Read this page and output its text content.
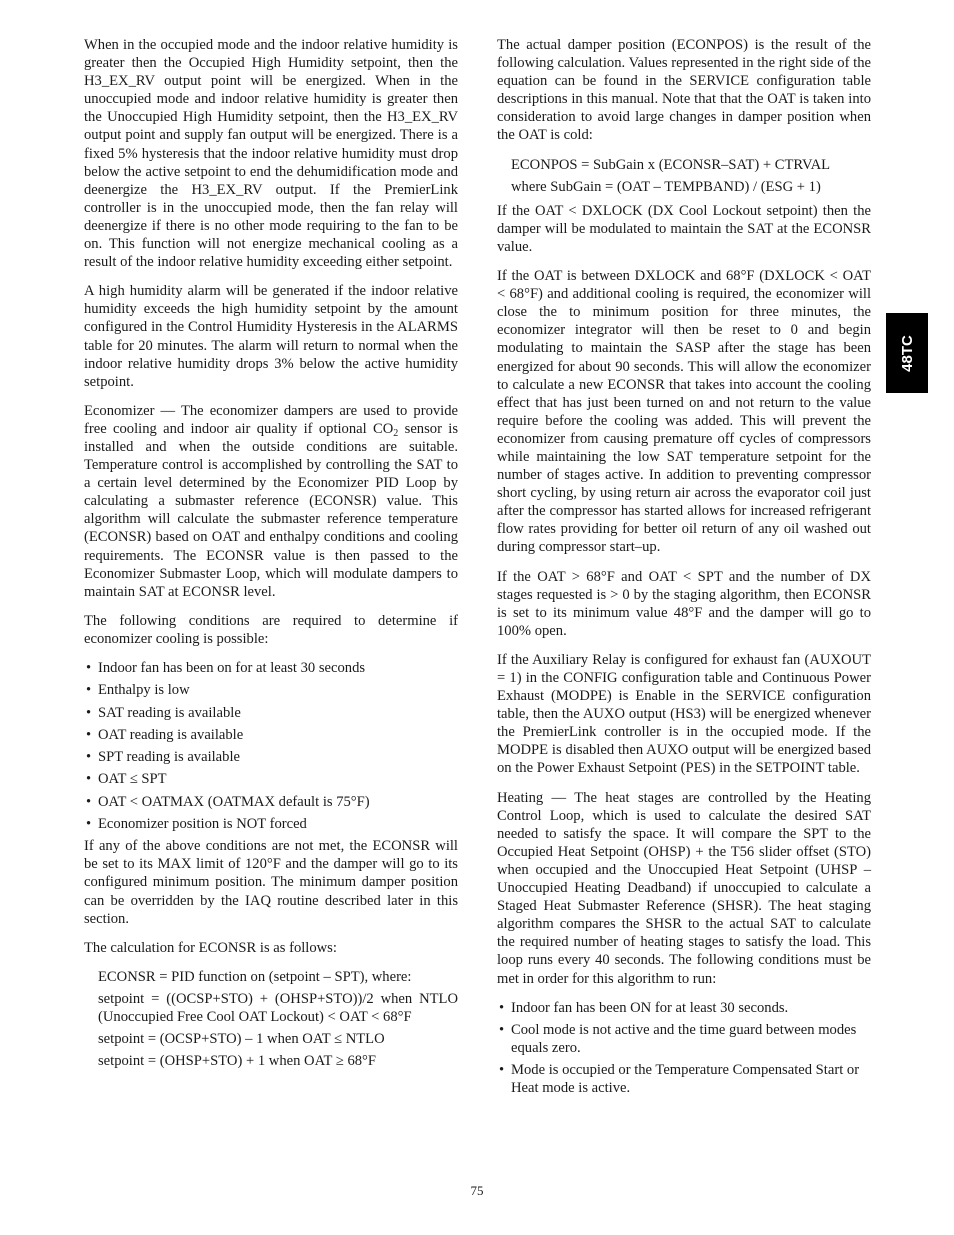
When in the occupied mode and the indoor relative humidity is greater then the Occupied High Humidity setpoint, then the H3_EX_RV output point will be energized. When in the unoccupied mode and indoor relative humidity is greater then the Unoccupied High Humidity setpoint, then the H3_EX_RV output point and supply fan output will be energized. There is a fixed 5% hysteresis that the indoor relative humidity must drop below the active setpoint to end the dehumidification mode and deenergize the H3_EX_RV output. If the PremierLink controller is in the unoccupied mode, then the fan relay will deenergize if there is no other mode requiring to the fan to be on. This function will not energize mechanical cooling as a result of the indoor relative humidity exceeding either setpoint.

A high humidity alarm will be generated if the indoor relative humidity exceeds the high humidity setpoint by the amount configured in the Control Humidity Hysteresis in the ALARMS table for 20 minutes. The alarm will return to normal when the indoor relative humidity drops 3% below the active humidity setpoint.

Economizer — The economizer dampers are used to provide free cooling and indoor air quality if optional $CO_2$ sensor is installed and when the outside conditions are suitable. Temperature control is accomplished by controlling the SAT to a certain level determined by the Economizer PID Loop by calculating a submaster reference (ECONSR) value. This algorithm will calculate the submaster reference temperature (ECONSR) based on OAT and enthalpy conditions and cooling requirements. The ECONSR value is then passed to the Economizer Submaster Loop, which will modulate dampers to maintain SAT at ECONSR level.

The following conditions are required to determine if economizer cooling is possible:

• Indoor fan has been on for at least 30 seconds
• Enthalpy is low
• SAT reading is available
• OAT reading is available
• SPT reading is available
• OAT ≤ SPT
• OAT < OATMAX (OATMAX default is 75°F)
• Economizer position is NOT forced

If any of the above conditions are not met, the ECONSR will be set to its MAX limit of 120°F and the damper will go to its configured minimum position. The minimum damper position can be overridden by the IAQ routine described later in this section.

The calculation for ECONSR is as follows:

ECONSR = PID function on (setpoint – SPT), where:
setpoint = ((OCSP+STO) + (OHSP+STO))/2 when NTLO (Unoccupied Free Cool OAT Lockout) < OAT < 68°F
setpoint = (OCSP+STO) – 1 when OAT ≤ NTLO
setpoint = (OHSP+STO) + 1 when OAT ≥ 68°F

The actual damper position (ECONPOS) is the result of the following calculation. Values represented in the right side of the equation can be found in the SERVICE configuration table descriptions in this manual. Note that that the OAT is taken into consideration to avoid large changes in damper position when the OAT is cold:

ECONPOS = SubGain x (ECONSR–SAT) + CTRVAL
where SubGain = (OAT – TEMPBAND) / (ESG + 1)

If the OAT < DXLOCK (DX Cool Lockout setpoint) then the damper will be modulated to maintain the SAT at the ECONSR value.

If the OAT is between DXLOCK and 68°F (DXLOCK < OAT < 68°F) and additional cooling is required, the economizer will close the to minimum position for three minutes, the economizer integrator will then be reset to 0 and begin modulating to maintain the SASP after the stage has been energized for about 90 seconds. This will allow the economizer to calculate a new ECONSR that takes into account the cooling effect that has just been turned on and not return to the value require before the cooling was added. This will prevent the economizer from causing premature off cycles of compressors while maintaining the low SAT temperature setpoint for the number of stages active. In addition to preventing compressor short cycling, by using return air across the evaporator coil just after the compressor has started allows for increased refrigerant flow rates providing for better oil return of any oil washed out during compressor start–up.

If the OAT > 68°F and OAT < SPT and the number of DX stages requested is > 0 by the staging algorithm, then ECONSR is set to its minimum value 48°F and the damper will go to 100% open.

If the Auxiliary Relay is configured for exhaust fan (AUXOUT = 1) in the CONFIG configuration table and Continuous Power Exhaust (MODPE) is Enable in the SERVICE configuration table, then the AUXO output (HS3) will be energized whenever the PremierLink controller is in the occupied mode. If the MODPE is disabled then AUXO output will be energized based on the Power Exhaust Setpoint (PES) in the SETPOINT table.

Heating — The heat stages are controlled by the Heating Control Loop, which is used to calculate the desired SAT needed to satisfy the space. It will compare the SPT to the Occupied Heat Setpoint (OHSP) + the T56 slider offset (STO) when occupied and the Unoccupied Heat Setpoint (UHSP – Unoccupied Heating Deadband) if unoccupied to calculate a Staged Heat Submaster Reference (SHSR). The heat staging algorithm compares the SHSR to the actual SAT to calculate the required number of heating stages to satisfy the load. This loop runs every 40 seconds. The following conditions must be met in order for this algorithm to run:

• Indoor fan has been ON for at least 30 seconds.
• Cool mode is not active and the time guard between modes equals zero.
• Mode is occupied or the Temperature Compensated Start or Heat mode is active.
48TC
75
